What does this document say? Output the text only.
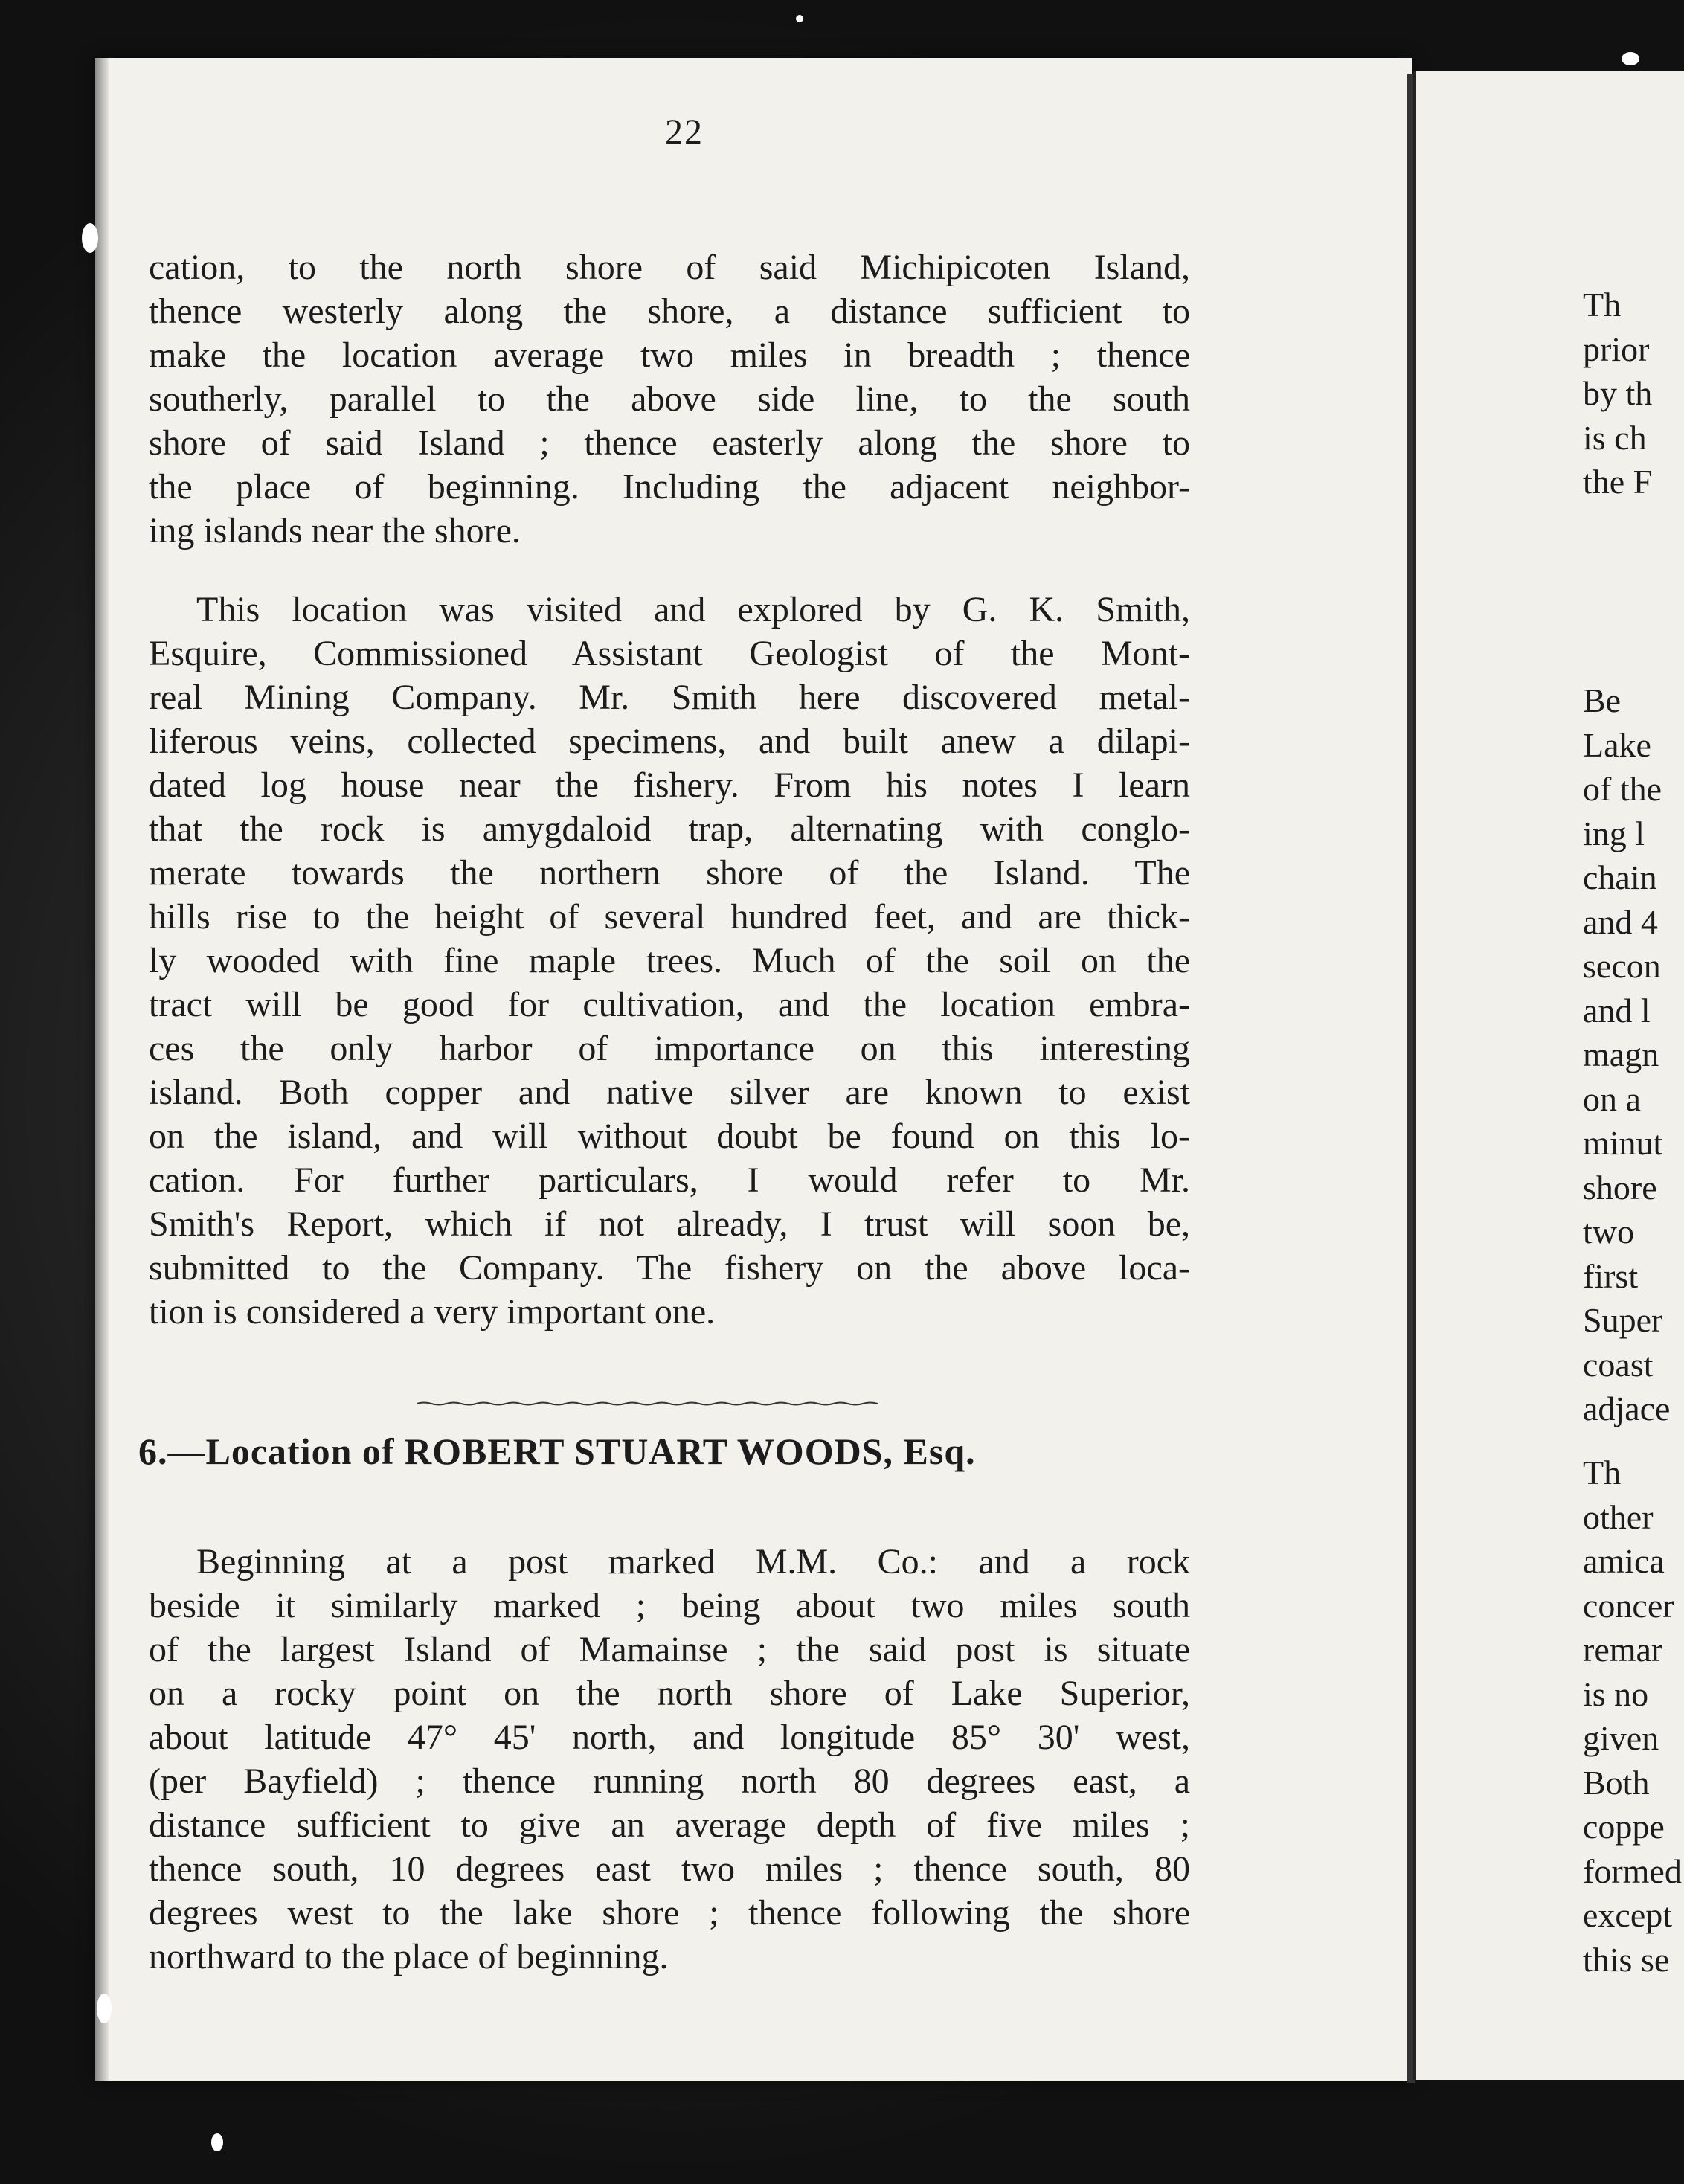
22
cation, to the north shore of said Michipicoten Island,
thence westerly along the shore, a distance sufficient to
make the location average two miles in breadth ; thence
southerly, parallel to the above side line, to the south
shore of said Island ; thence easterly along the shore to
the place of beginning. Including the adjacent neighbor-
ing islands near the shore.
This location was visited and explored by G. K. Smith,
Esquire, Commissioned Assistant Geologist of the Mont-
real Mining Company. Mr. Smith here discovered metal-
liferous veins, collected specimens, and built anew a dilapi-
dated log house near the fishery. From his notes I learn
that the rock is amygdaloid trap, alternating with conglo-
merate towards the northern shore of the Island. The
hills rise to the height of several hundred feet, and are thick-
ly wooded with fine maple trees. Much of the soil on the
tract will be good for cultivation, and the location embra-
ces the only harbor of importance on this interesting
island. Both copper and native silver are known to exist
on the island, and will without doubt be found on this lo-
cation. For further particulars, I would refer to Mr.
Smith's Report, which if not already, I trust will soon be,
submitted to the Company. The fishery on the above loca-
tion is considered a very important one.
6.—Location of ROBERT STUART WOODS, Esq.
Beginning at a post marked M.M. Co.: and a rock
beside it similarly marked ; being about two miles south
of the largest Island of Mamainse ; the said post is situate
on a rocky point on the north shore of Lake Superior,
about latitude 47° 45' north, and longitude 85° 30' west,
(per Bayfield) ; thence running north 80 degrees east, a
distance sufficient to give an average depth of five miles ;
thence south, 10 degrees east two miles ; thence south, 80
degrees west to the lake shore ; thence following the shore
northward to the place of beginning.
Th
prior
by th
is ch
the F
Be
Lake
of the
ing l
chain
and 4
secon
and l
magn
on a
minut
shore
two
first
Super
coast
adjace
Th
other
amica
concer
remar
is no
given
Both
coppe
formed
except
this se
